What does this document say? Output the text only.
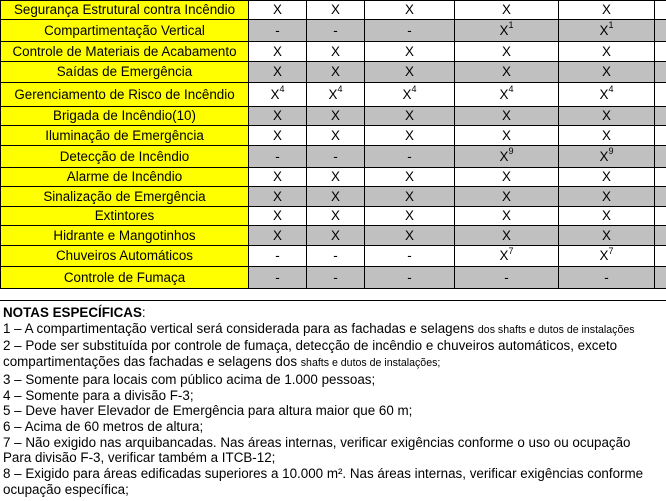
Segurança Estrutural contra Incêndio	X	X	X	X	X	
Compartimentação Vertical	-	-	-	$X^1$	$X^1$	
Controle de Materiais de Acabamento	X	X	X	X	X	
Saídas de Emergência	X	X	X	X	X	
Gerenciamento de Risco de Incêndio	$X^4$	$X^4$	$X^4$	$X^4$	$X^4$	
Brigada de Incêndio(10)	X	X	X	X	X	
Iluminação de Emergência	X	X	X	X	X	
Detecção de Incêndio	-	-	-	$X^9$	$X^9$	
Alarme de Incêndio	X	X	X	X	X	
Sinalização de Emergência	X	X	X	X	X	
Extintores	X	X	X	X	X	
Hidrante e Mangotinhos	X	X	X	X	X	
Chuveiros Automáticos	-	-	-	$X^7$	$X^7$	
Controle de Fumaça	-	-	-	-	-	

NOTAS ESPECÍFICAS:

1 – A compartimentação vertical será considerada para as fachadas e selagens dos shafts e dutos de instalações

2 – Pode ser substituída por controle de fumaça, detecção de incêndio e chuveiros automáticos, exceto

compartimentações das fachadas e selagens dos shafts e dutos de instalações;

3 – Somente para locais com público acima de 1.000 pessoas;

4 – Somente para a divisão F-3;

5 – Deve haver Elevador de Emergência para altura maior que 60 m;

6 – Acima de 60 metros de altura;

7 – Não exigido nas arquibancadas. Nas áreas internas, verificar exigências conforme o uso ou ocupação

Para divisão F-3, verificar também a ITCB-12;

8 – Exigido para áreas edificadas superiores a 10.000 m². Nas áreas internas, verificar exigências conforme

ocupação específica;
